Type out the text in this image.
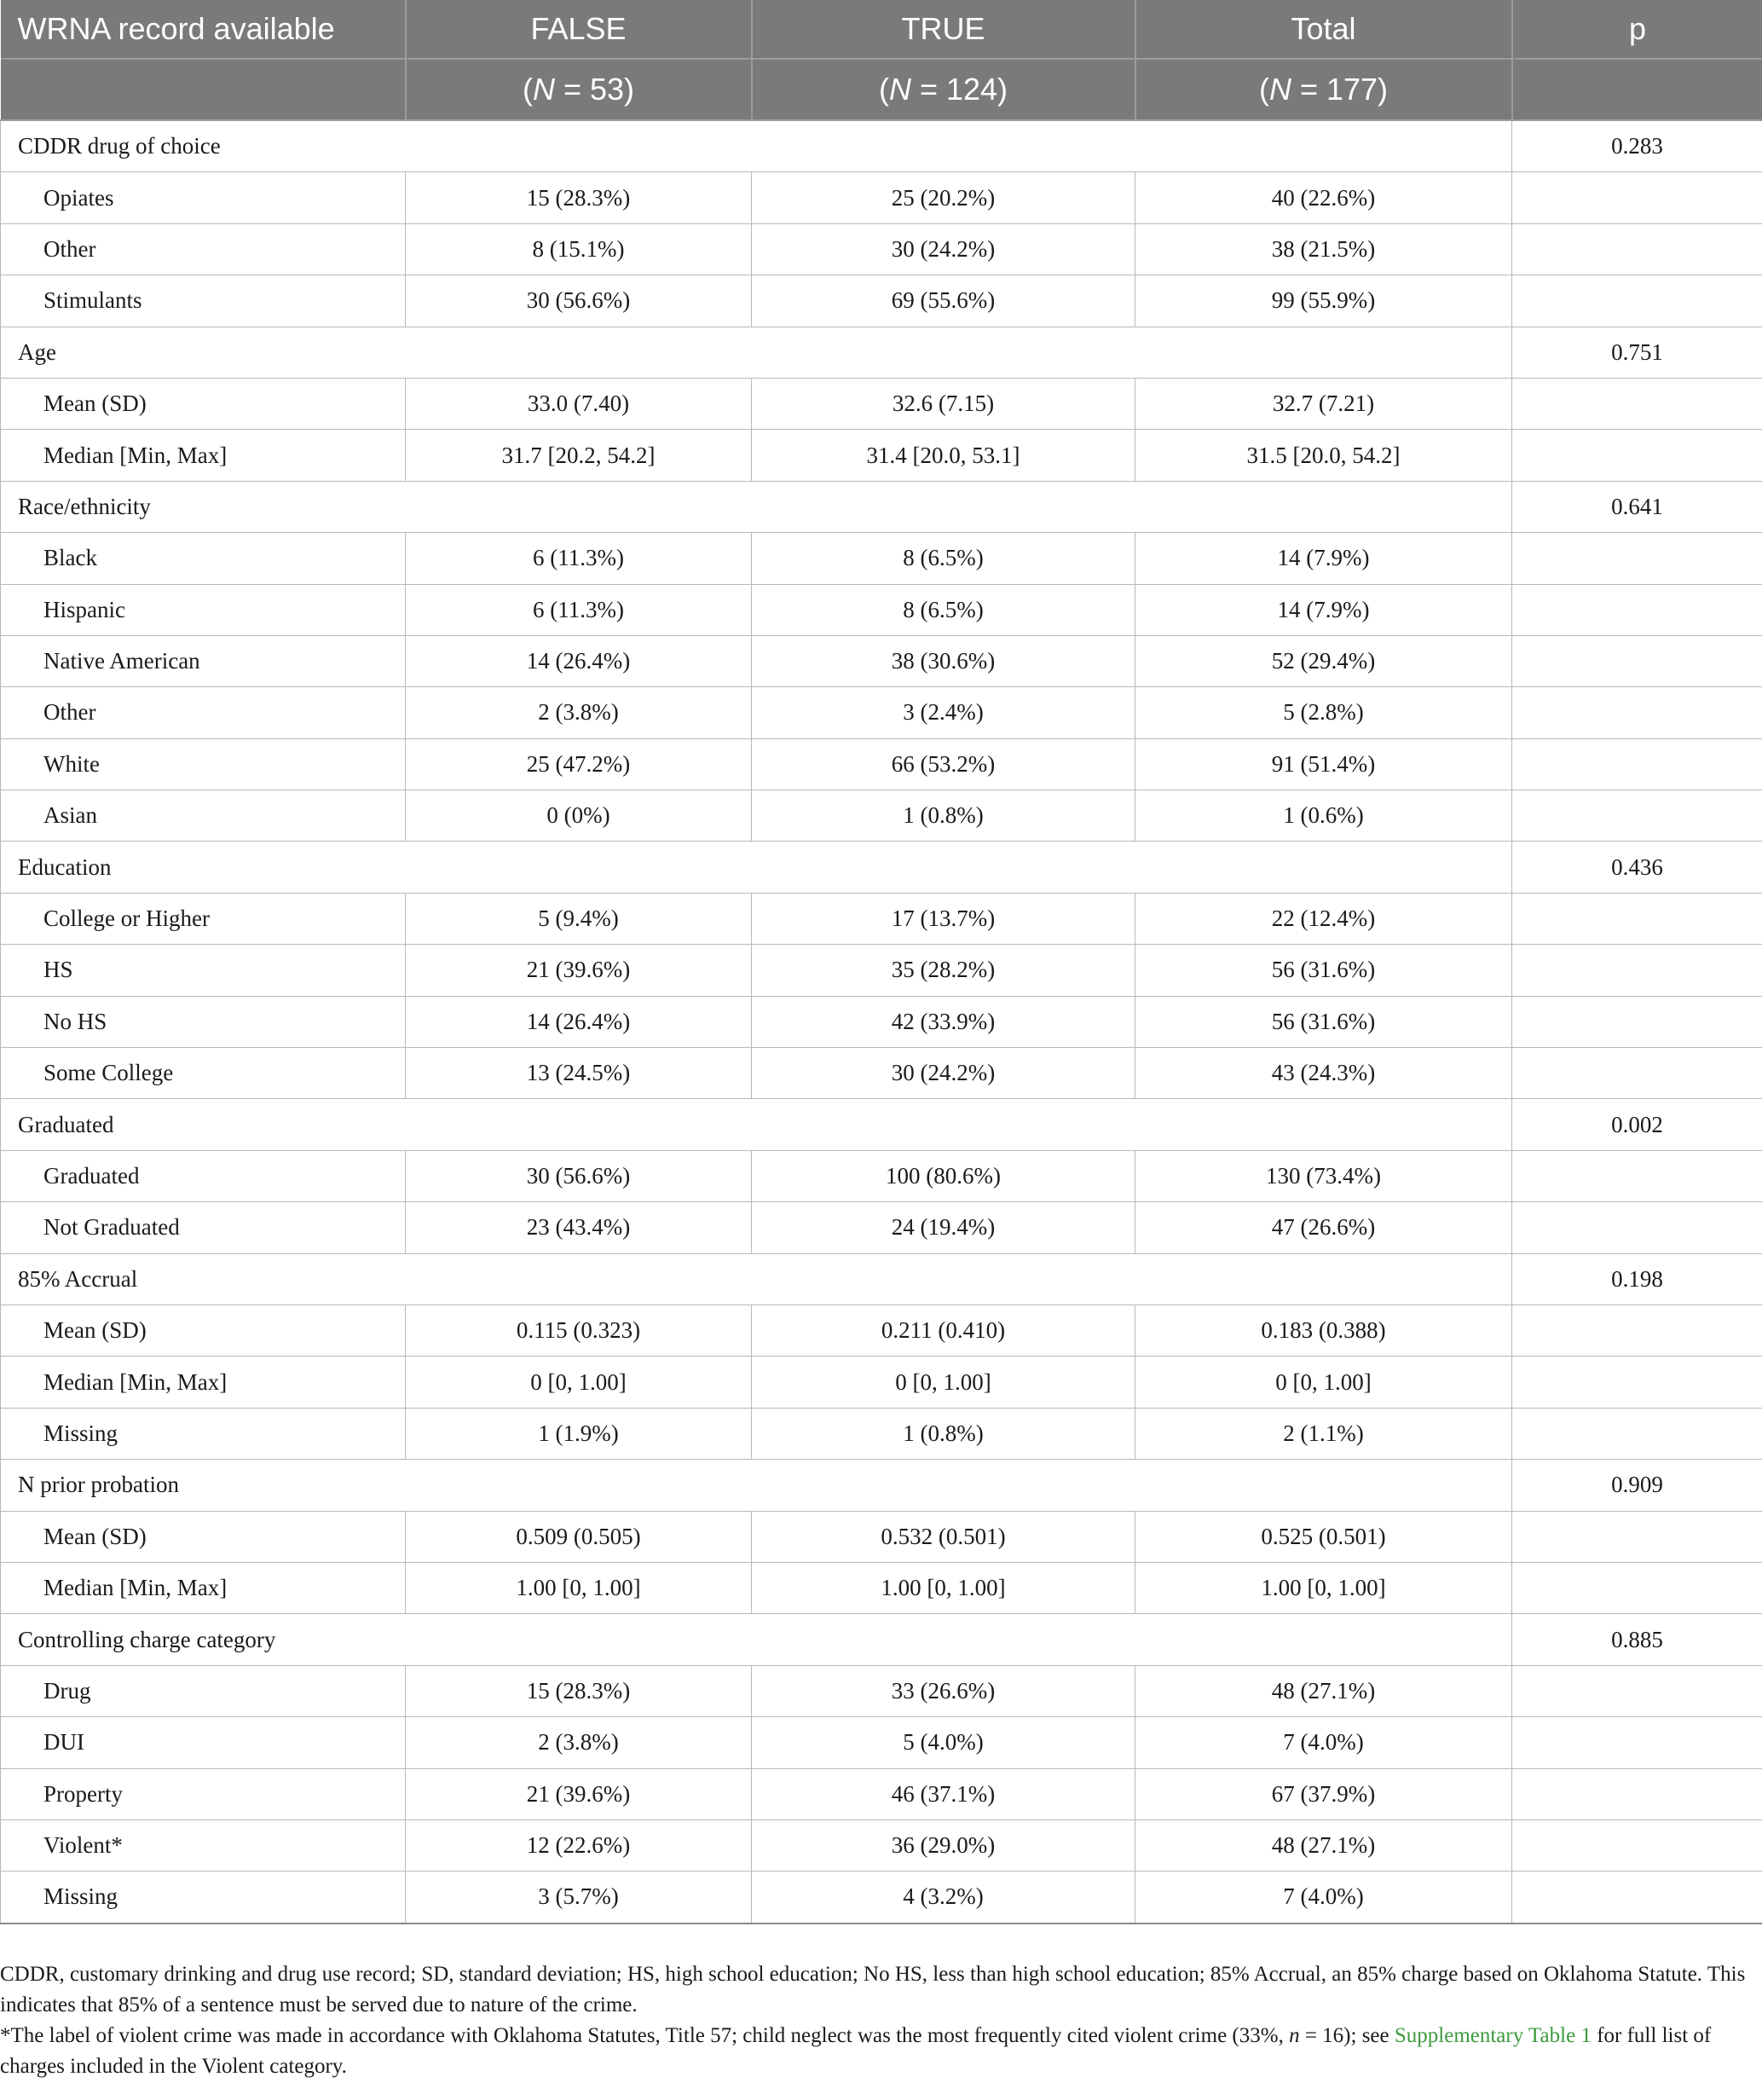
WRNA record available	FALSE	TRUE	Total	p
	(N = 53)	(N = 124)	(N = 177)	
CDDR drug of choice				0.283
Opiates	15 (28.3%)	25 (20.2%)	40 (22.6%)	
Other	8 (15.1%)	30 (24.2%)	38 (21.5%)	
Stimulants	30 (56.6%)	69 (55.6%)	99 (55.9%)	
Age				0.751
Mean (SD)	33.0 (7.40)	32.6 (7.15)	32.7 (7.21)	
Median [Min, Max]	31.7 [20.2, 54.2]	31.4 [20.0, 53.1]	31.5 [20.0, 54.2]	
Race/ethnicity				0.641
Black	6 (11.3%)	8 (6.5%)	14 (7.9%)	
Hispanic	6 (11.3%)	8 (6.5%)	14 (7.9%)	
Native American	14 (26.4%)	38 (30.6%)	52 (29.4%)	
Other	2 (3.8%)	3 (2.4%)	5 (2.8%)	
White	25 (47.2%)	66 (53.2%)	91 (51.4%)	
Asian	0 (0%)	1 (0.8%)	1 (0.6%)	
Education				0.436
College or Higher	5 (9.4%)	17 (13.7%)	22 (12.4%)	
HS	21 (39.6%)	35 (28.2%)	56 (31.6%)	
No HS	14 (26.4%)	42 (33.9%)	56 (31.6%)	
Some College	13 (24.5%)	30 (24.2%)	43 (24.3%)	
Graduated				0.002
Graduated	30 (56.6%)	100 (80.6%)	130 (73.4%)	
Not Graduated	23 (43.4%)	24 (19.4%)	47 (26.6%)	
85% Accrual				0.198
Mean (SD)	0.115 (0.323)	0.211 (0.410)	0.183 (0.388)	
Median [Min, Max]	0 [0, 1.00]	0 [0, 1.00]	0 [0, 1.00]	
Missing	1 (1.9%)	1 (0.8%)	2 (1.1%)	
N prior probation				0.909
Mean (SD)	0.509 (0.505)	0.532 (0.501)	0.525 (0.501)	
Median [Min, Max]	1.00 [0, 1.00]	1.00 [0, 1.00]	1.00 [0, 1.00]	
Controlling charge category				0.885
Drug	15 (28.3%)	33 (26.6%)	48 (27.1%)	
DUI	2 (3.8%)	5 (4.0%)	7 (4.0%)	
Property	21 (39.6%)	46 (37.1%)	67 (37.9%)	
Violent*	12 (22.6%)	36 (29.0%)	48 (27.1%)	
Missing	3 (5.7%)	4 (3.2%)	7 (4.0%)	

CDDR, customary drinking and drug use record; SD, standard deviation; HS, high school education; No HS, less than high school education; 85% Accrual, an 85% charge based on Oklahoma Statute. This indicates that 85% of a sentence must be served due to nature of the crime.

*The label of violent crime was made in accordance with Oklahoma Statutes, Title 57; child neglect was the most frequently cited violent crime (33%, n = 16); see Supplementary Table 1 for full list of charges included in the Violent category.
